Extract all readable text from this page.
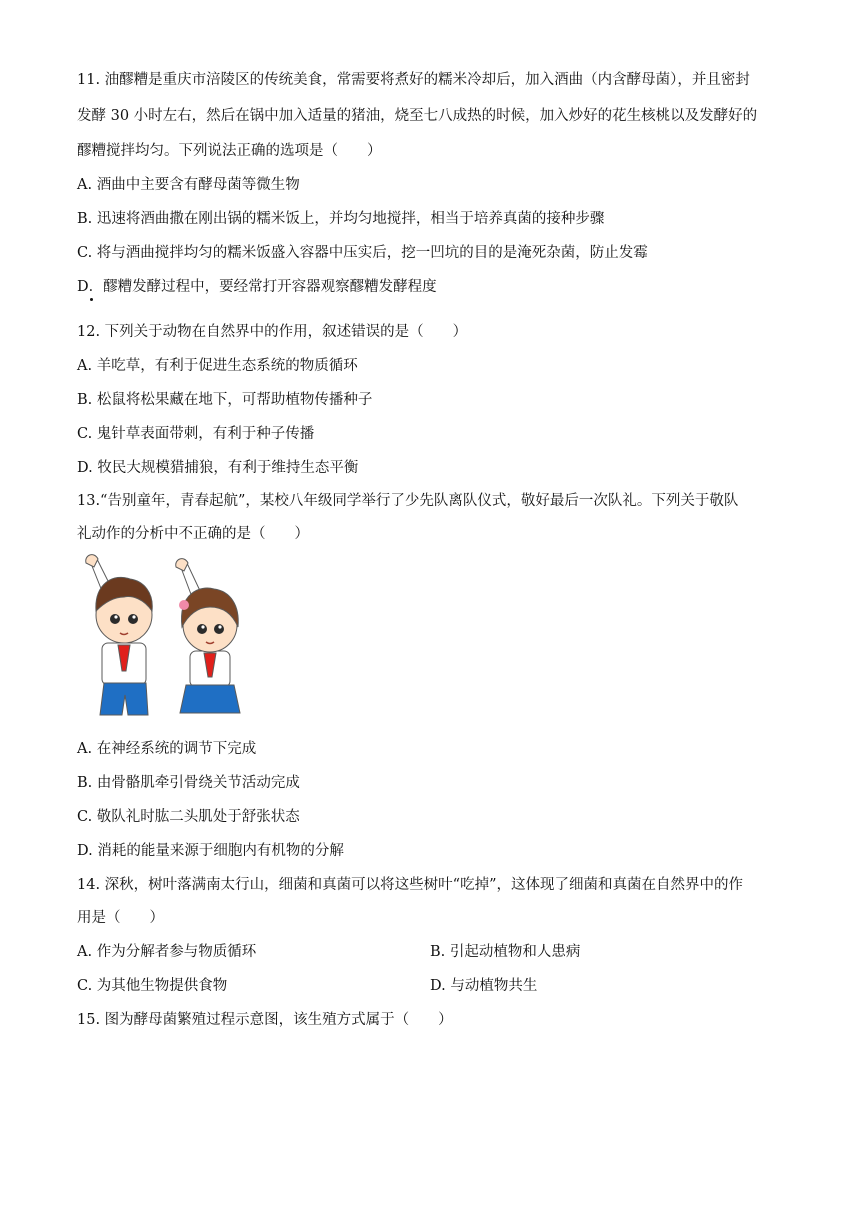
11. 油醪糟是重庆市涪陵区的传统美食，常需要将煮好的糯米冷却后，加入酒曲（内含酵母菌），并且密封
发酵 30 小时左右，然后在锅中加入适量的猪油，烧至七八成热的时候，加入炒好的花生核桃以及发酵好的
醪糟搅拌均匀。下列说法正确的选项是（　　）
A. 酒曲中主要含有酵母菌等微生物
B. 迅速将酒曲撒在刚出锅的糯米饭上，并均匀地搅拌，相当于培养真菌的接种步骤
C. 将与酒曲搅拌均匀的糯米饭盛入容器中压实后，挖一凹坑的目的是淹死杂菌，防止发霉
D．醪糟发酵过程中，要经常打开容器观察醪糟发酵程度
12. 下列关于动物在自然界中的作用，叙述错误的是（　　）
A. 羊吃草，有利于促进生态系统的物质循环
B. 松鼠将松果藏在地下，可帮助植物传播种子
C. 鬼针草表面带刺，有利于种子传播
D. 牧民大规模猎捕狼，有利于维持生态平衡
13.“告别童年，青春起航”，某校八年级同学举行了少先队离队仪式，敬好最后一次队礼。下列关于敬队
礼动作的分析中不正确的是（　　）
A. 在神经系统的调节下完成
B. 由骨骼肌牵引骨绕关节活动完成
C. 敬队礼时肱二头肌处于舒张状态
D. 消耗的能量来源于细胞内有机物的分解
14. 深秋，树叶落满南太行山，细菌和真菌可以将这些树叶“吃掉”，这体现了细菌和真菌在自然界中的作
用是（　　）
A. 作为分解者参与物质循环	B. 引起动植物和人患病
C. 为其他生物提供食物	D. 与动植物共生
15. 图为酵母菌繁殖过程示意图，该生殖方式属于（　　）
